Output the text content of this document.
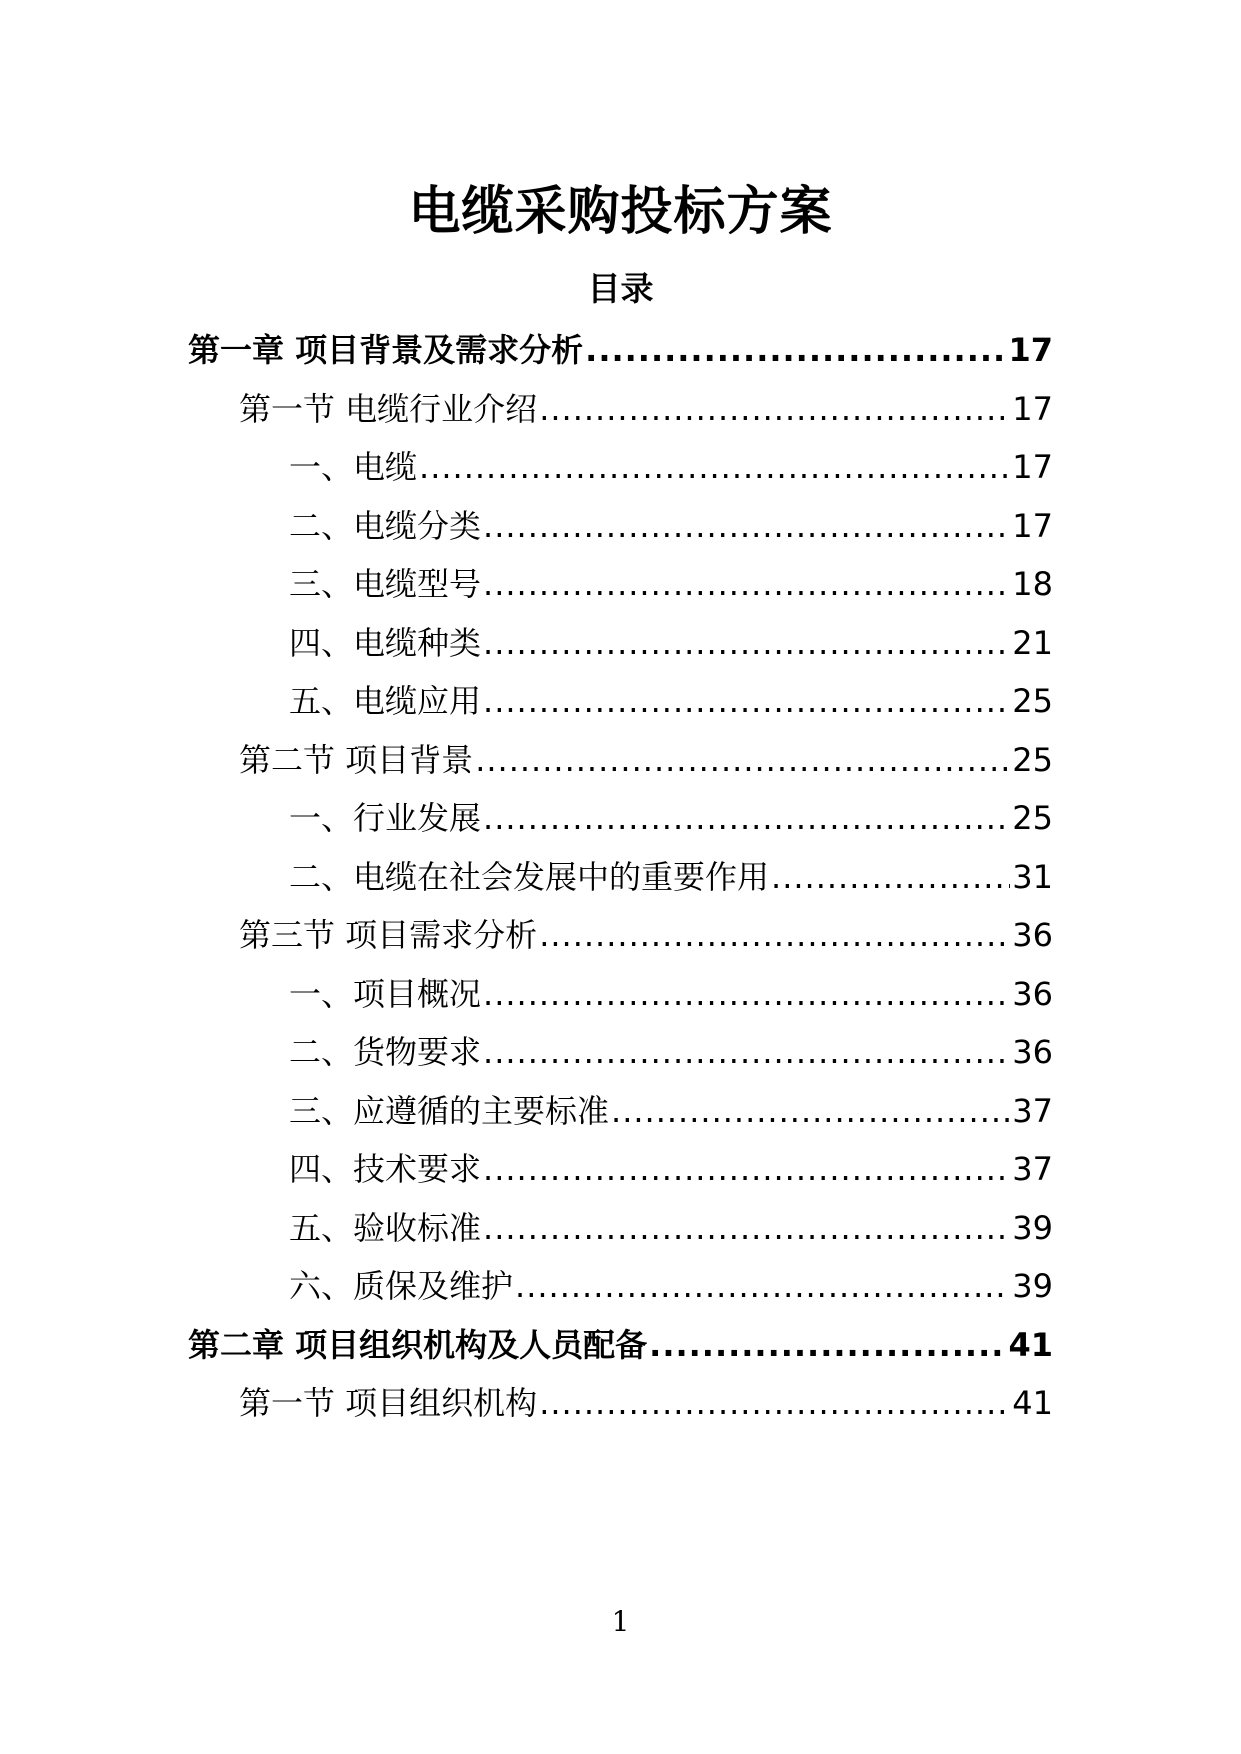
电缆采购投标方案
目录
第一章 项目背景及需求分析 .....	17
第一节 电缆行业介绍 .....	17
一、电缆 .....	17
二、电缆分类 .....	17
三、电缆型号 .....	18
四、电缆种类 .....	21
五、电缆应用 .....	25
第二节 项目背景 .....	25
一、行业发展 .....	25
二、电缆在社会发展中的重要作用 .....	31
第三节 项目需求分析 .....	36
一、项目概况 .....	36
二、货物要求 .....	36
三、应遵循的主要标准 .....	37
四、技术要求 .....	37
五、验收标准 .....	39
六、质保及维护 .....	39
第二章 项目组织机构及人员配备 .....	41
第一节 项目组织机构 .....	41
1
